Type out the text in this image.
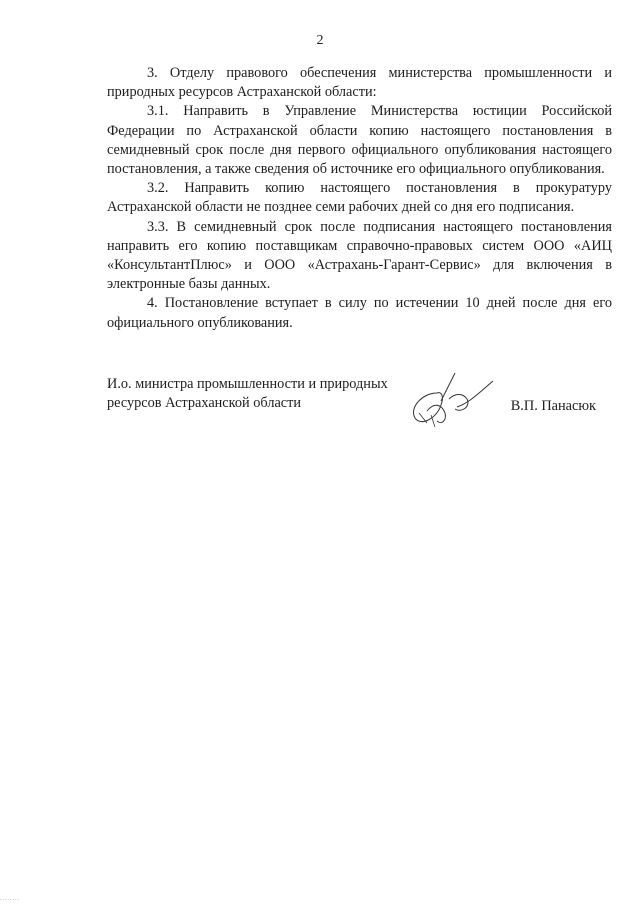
2

3. Отделу правового обеспечения министерства промышленности и природных ресурсов Астраханской области:

3.1. Направить в Управление Министерства юстиции Российской Федерации по Астраханской области копию настоящего постановления в семидневный срок после дня первого официального опубликования настоящего постановления, а также сведения об источнике его официального опубликования.

3.2. Направить копию настоящего постановления в прокуратуру Астраханской области не позднее семи рабочих дней со дня его подписания.

3.3. В семидневный срок после подписания настоящего постановления направить его копию поставщикам справочно-правовых систем ООО «АИЦ «КонсультантПлюс» и ООО «Астрахань-Гарант-Сервис» для включения в электронные базы данных.

4. Постановление вступает в силу по истечении 10 дней после дня его официального опубликования.

И.о. министра промышленности и природных ресурсов Астраханской области	В.П. Панасюк
........
